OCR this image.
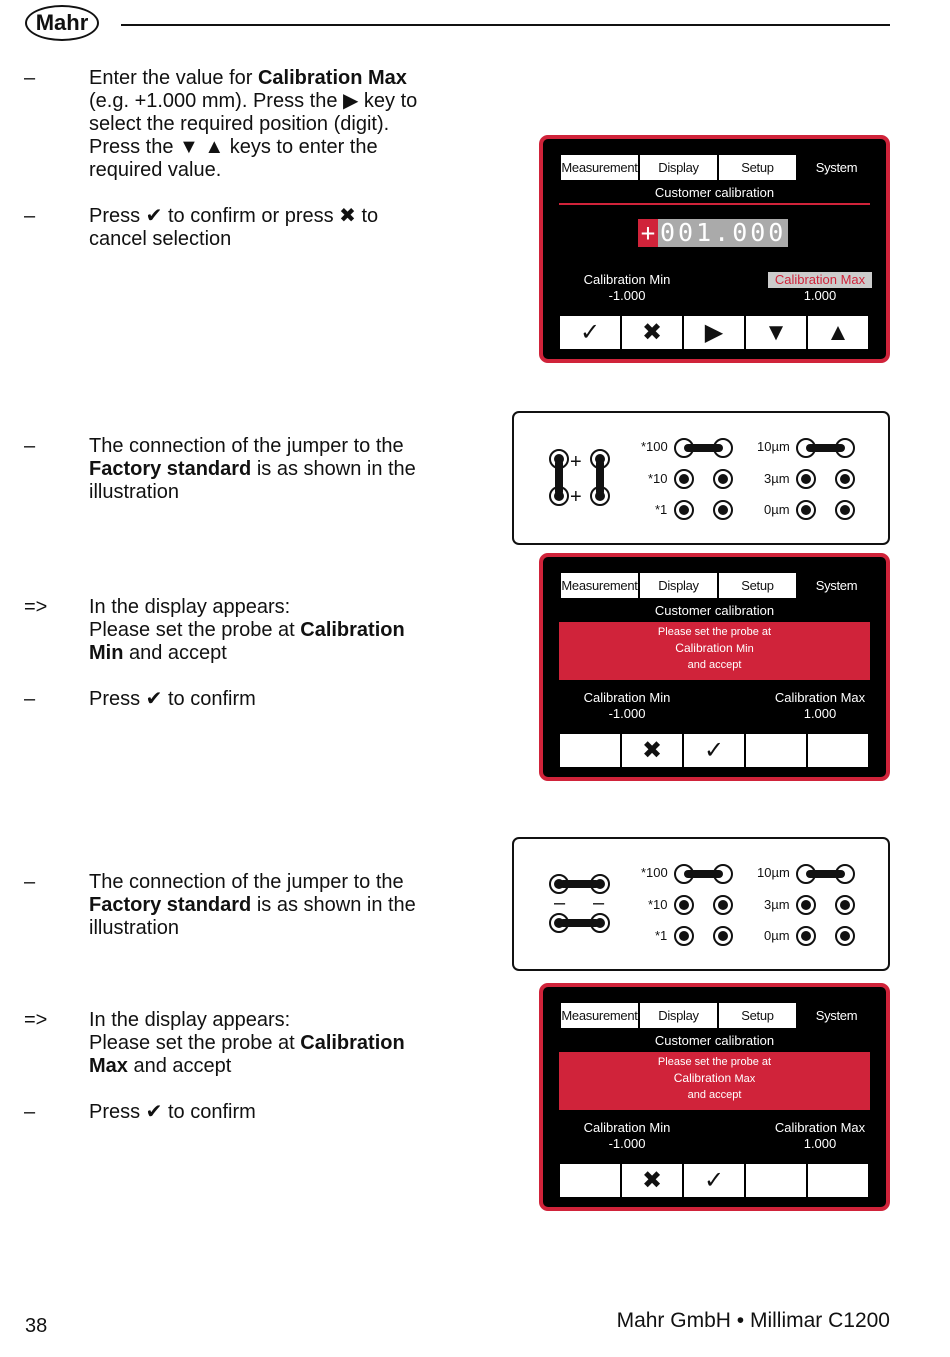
Mahr
–	Enter the value for Calibration Max (e.g. +1.000 mm). Press the ▶ key to select the required position (digit). Press the ▼ ▲ keys to enter the required value.
–	Press ✔ to confirm or press ✖ to cancel selection
Measurement	Display	Setup	System
Customer calibration
+ 001.000
Calibration Min
-1.000
Calibration Max
1.000
✓	✖	▶	▼	▲
–	The connection of the jumper to the Factory standard is as shown in the illustration
+
+
*100
*10
*1
10µm
3µm
0µm
=> In the display appears:
Please set the probe at Calibration Min and accept
–	Press ✔ to confirm
Measurement	Display	Setup	System
Customer calibration
Please set the probe at
Calibration Min
and accept
Calibration Min
-1.000
Calibration Max
1.000
✖	✓
–	The connection of the jumper to the Factory standard is as shown in the illustration
– –
*100
*10
*1
10µm
3µm
0µm
=> In the display appears:
Please set the probe at Calibration Max and accept
–	Press ✔ to confirm
Measurement	Display	Setup	System
Customer calibration
Please set the probe at
Calibration Max
and accept
Calibration Min
-1.000
Calibration Max
1.000
✖	✓
38	Mahr GmbH • Millimar C1200
